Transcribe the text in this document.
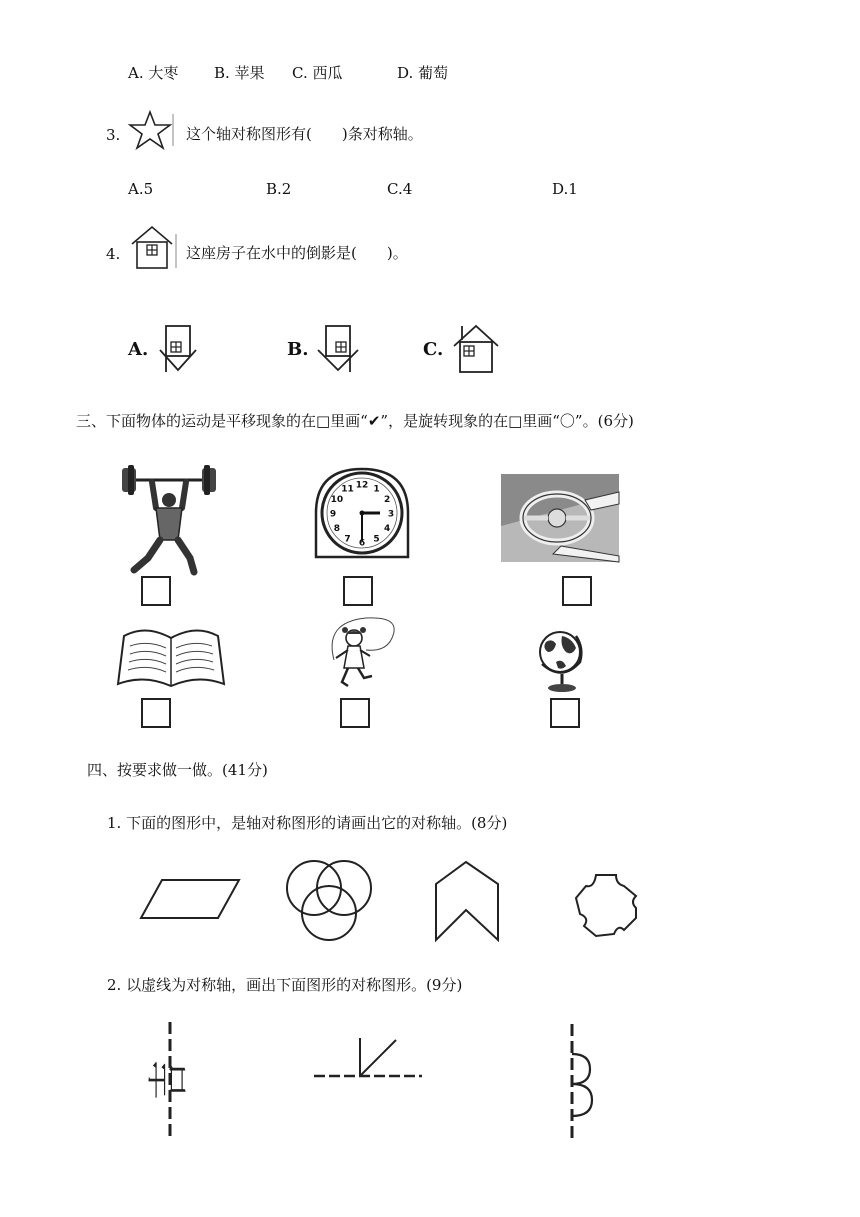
A. 大枣 B. 苹果 C. 西瓜	D. 葡萄
3.	这个轴对称图形有(　　)条对称轴。
A.5	B.2	C.4	D.1
4.	这座房子在水中的倒影是(　　)。
A.	B.	C.
三、下面物体的运动是平移现象的在□里画“✔”，是旋转现象的在□里画“〇”。(6分)
12 1
2
3
4
5
6
7
8
9
10
11
四、按要求做一做。(41分)
1. 下面的图形中，是轴对称图形的请画出它的对称轴。(8分)
2. 以虚线为对称轴，画出下面图形的对称图形。(9分)
吉
